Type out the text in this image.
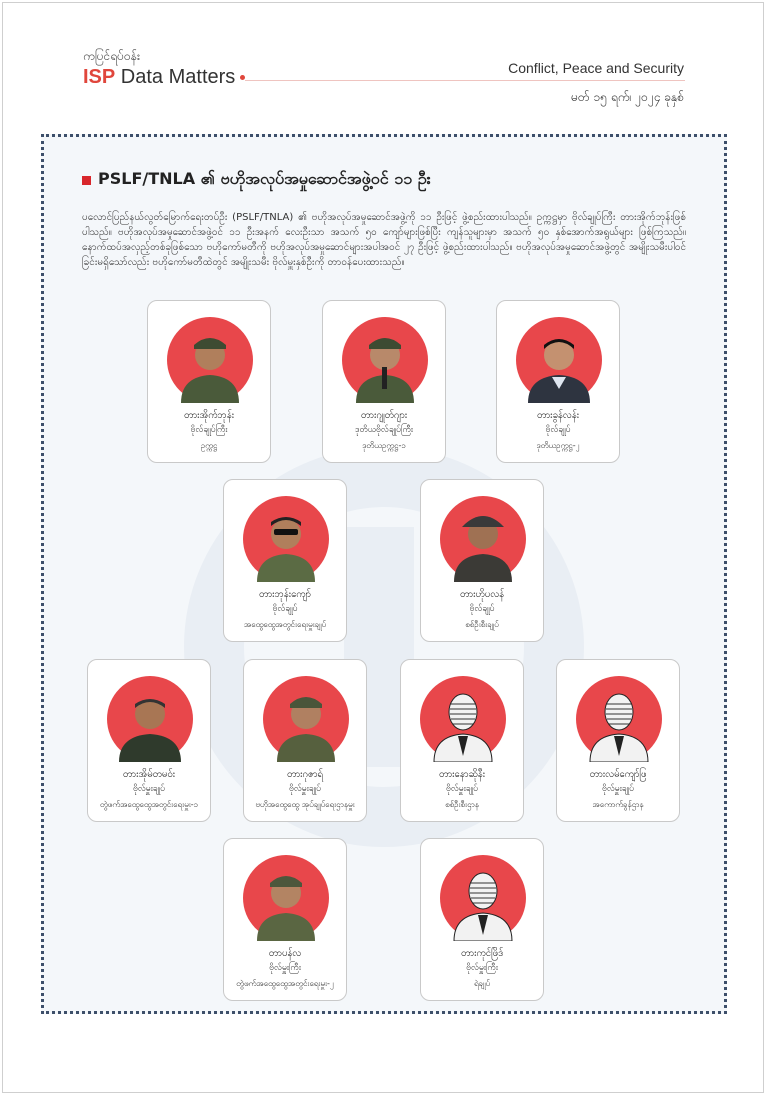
ကပြင်ရပ်ဝန်း
ISP Data Matters	Conflict, Peace and Security
မတ် ၁၅ ရက်၊ ၂၀၂၄ ခုနှစ်
PSLF/TNLA ၏ ဗဟိုအလုပ်အမှုဆောင်အဖွဲ့ဝင် ၁၁ ဦး
ပလောင်ပြည်နယ်လွတ်မြောက်ရေးတပ်ဦး (PSLF/TNLA) ၏ ဗဟိုအလုပ်အမှုဆောင်အဖွဲ့ကို ၁၁ ဦးဖြင့် ဖွဲ့စည်းထားပါသည်။ ဥက္ကဋ္ဌမှာ ဗိုလ်ချုပ်ကြီး တားအိုက်ဘုန်းဖြစ်ပါသည်။ ဗဟိုအလုပ်အမှုဆောင်အဖွဲ့ဝင် ၁၁ ဦးအနက် လေးဦးသာ အသက် ၅၀ ကျော်များဖြစ်ပြီး ကျန်သူများမှာ အသက် ၅၀ နှစ်အောက်အရွယ်များ ဖြစ်ကြသည်။ နောက်ထပ်အလှည့်တစ်ခုဖြစ်သော ဗဟိုကော်မတီကို ဗဟိုအလုပ်အမှုဆောင်များအပါအဝင် ၂၇ ဦးဖြင့် ဖွဲ့စည်းထားပါသည်။ ဗဟိုအလုပ်အမှုဆောင်အဖွဲ့တွင် အမျိုးသမီးပါဝင်ခြင်းမရှိသော်လည်း ဗဟိုကော်မတီထဲတွင် အမျိုးသမီး ဗိုလ်မှူးနှစ်ဦးကို တာဝန်ပေးထားသည်။
တားအိုက်ဘုန်း
ဗိုလ်ချုပ်ကြီး
ဥက္ကဋ္ဌ
တားဂျုတ်ဂျား
ဒုတိယဗိုလ်ချုပ်ကြီး
ဒုတိယဥက္ကဋ္ဌ-၁
တားခွန်လန်း
ဗိုလ်ချုပ်
ဒုတိယဥက္ကဋ္ဌ-၂
တားဘုန်းကျော်
ဗိုလ်ချုပ်
အထွေထွေအတွင်းရေးမှူးချုပ်
တားဟိုပလန်
ဗိုလ်ချုပ်
စစ်ဦးစီးချုပ်
တားအိုမ်တမဝ်း
ဗိုလ်မှူးချုပ်
တွဲဖက်အထွေထွေအတွင်းရေးမှူး-၁
တားဂုဇာရ်
ဗိုလ်မှူးချုပ်
ဗဟိုအထွေထွေ အုပ်ချုပ်ရေးဌာနမှူး
တားနောဆိုနီး
ဗိုလ်မှူးချုပ်
စစ်ဦးစီးဌာန
တားလမ်ကျော်ဖြ
ဗိုလ်မှူးချုပ်
အကောက်ခွန်ဌာန
တာပန်လ
ဗိုလ်မှူးကြီး
တွဲဖက်အထွေထွေအတွင်းရေးမှူး-၂
တားကုင်ဖြိဒ်
ဗိုလ်မှူးကြီး
ရဲချုပ်
